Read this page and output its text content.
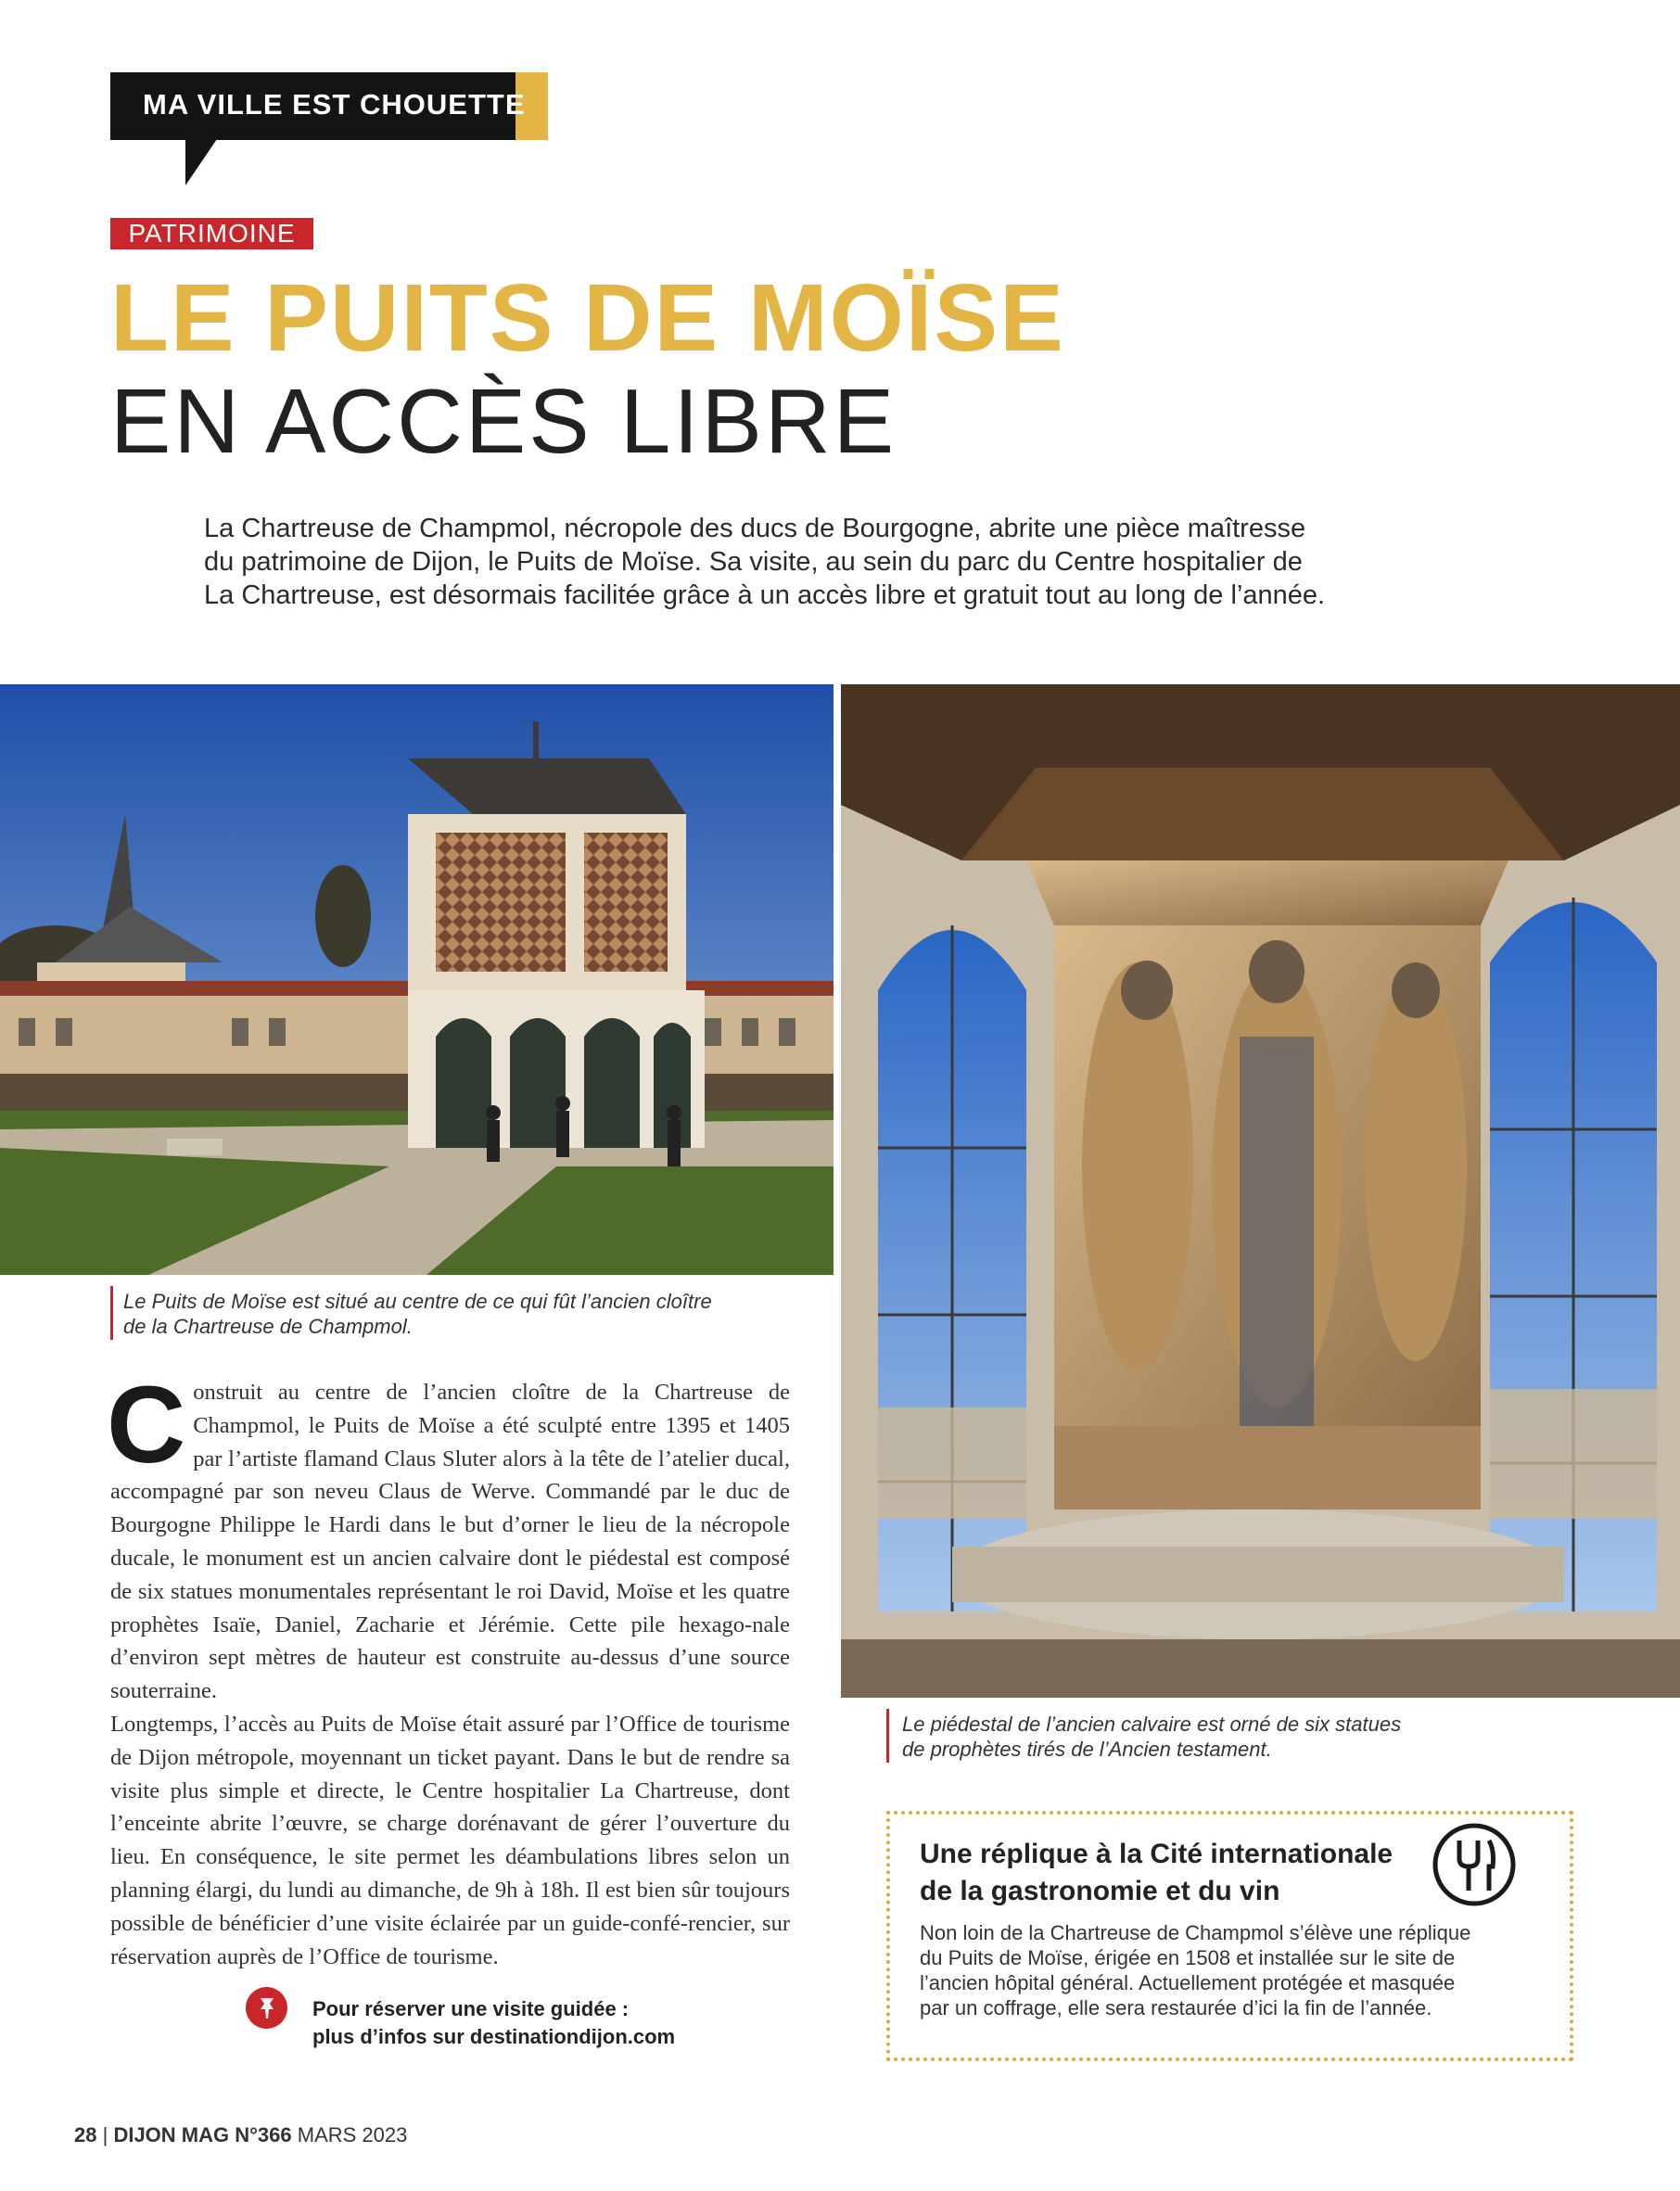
MA VILLE EST CHOUETTE
PATRIMOINE
LE PUITS DE MOÏSE
EN ACCÈS LIBRE

La Chartreuse de Champmol, nécropole des ducs de Bourgogne, abrite une pièce maîtresse

du patrimoine de Dijon, le Puits de Moïse. Sa visite, au sein du parc du Centre hospitalier de

La Chartreuse, est désormais facilitée grâce à un accès libre et gratuit tout au long de l’année.

Le Puits de Moïse est situé au centre de ce qui fût l’ancien cloître

de la Chartreuse de Champmol.

Le piédestal de l’ancien calvaire est orné de six statues

de prophètes tirés de l’Ancien testament.

Construit au centre de l’ancien cloître de la Chartreuse de Champmol, le Puits de Moïse a été sculpté entre 1395 et 1405 par l’artiste flamand Claus Sluter alors à la tête de l’atelier ducal, accompagné par son neveu Claus de Werve. Commandé par le duc de Bourgogne Philippe le Hardi dans le but d’orner le lieu de la nécropole ducale, le monument est un ancien calvaire dont le piédestal est composé de six statues monumentales représentant le roi David, Moïse et les quatre prophètes Isaïe, Daniel, Zacharie et Jérémie. Cette pile hexago-nale d’environ sept mètres de hauteur est construite au-dessus d’une source souterraine.

Longtemps, l’accès au Puits de Moïse était assuré par l’Office de tourisme de Dijon métropole, moyennant un ticket payant. Dans le but de rendre sa visite plus simple et directe, le Centre hospitalier La Chartreuse, dont l’enceinte abrite l’œuvre, se charge dorénavant de gérer l’ouverture du lieu. En conséquence, le site permet les déambulations libres selon un planning élargi, du lundi au dimanche, de 9h à 18h. Il est bien sûr toujours possible de bénéficier d’une visite éclairée par un guide-confé-rencier, sur réservation auprès de l’Office de tourisme.

Pour réserver une visite guidée :

plus d’infos sur destinationdijon.com

Une réplique à la Cité internationale

de la gastronomie et du vin

Non loin de la Chartreuse de Champmol s’élève une réplique

du Puits de Moïse, érigée en 1508 et installée sur le site de

l’ancien hôpital général. Actuellement protégée et masquée

par un coffrage, elle sera restaurée d’ici la fin de l’année.

28 | DIJON MAG N°366 MARS 2023
